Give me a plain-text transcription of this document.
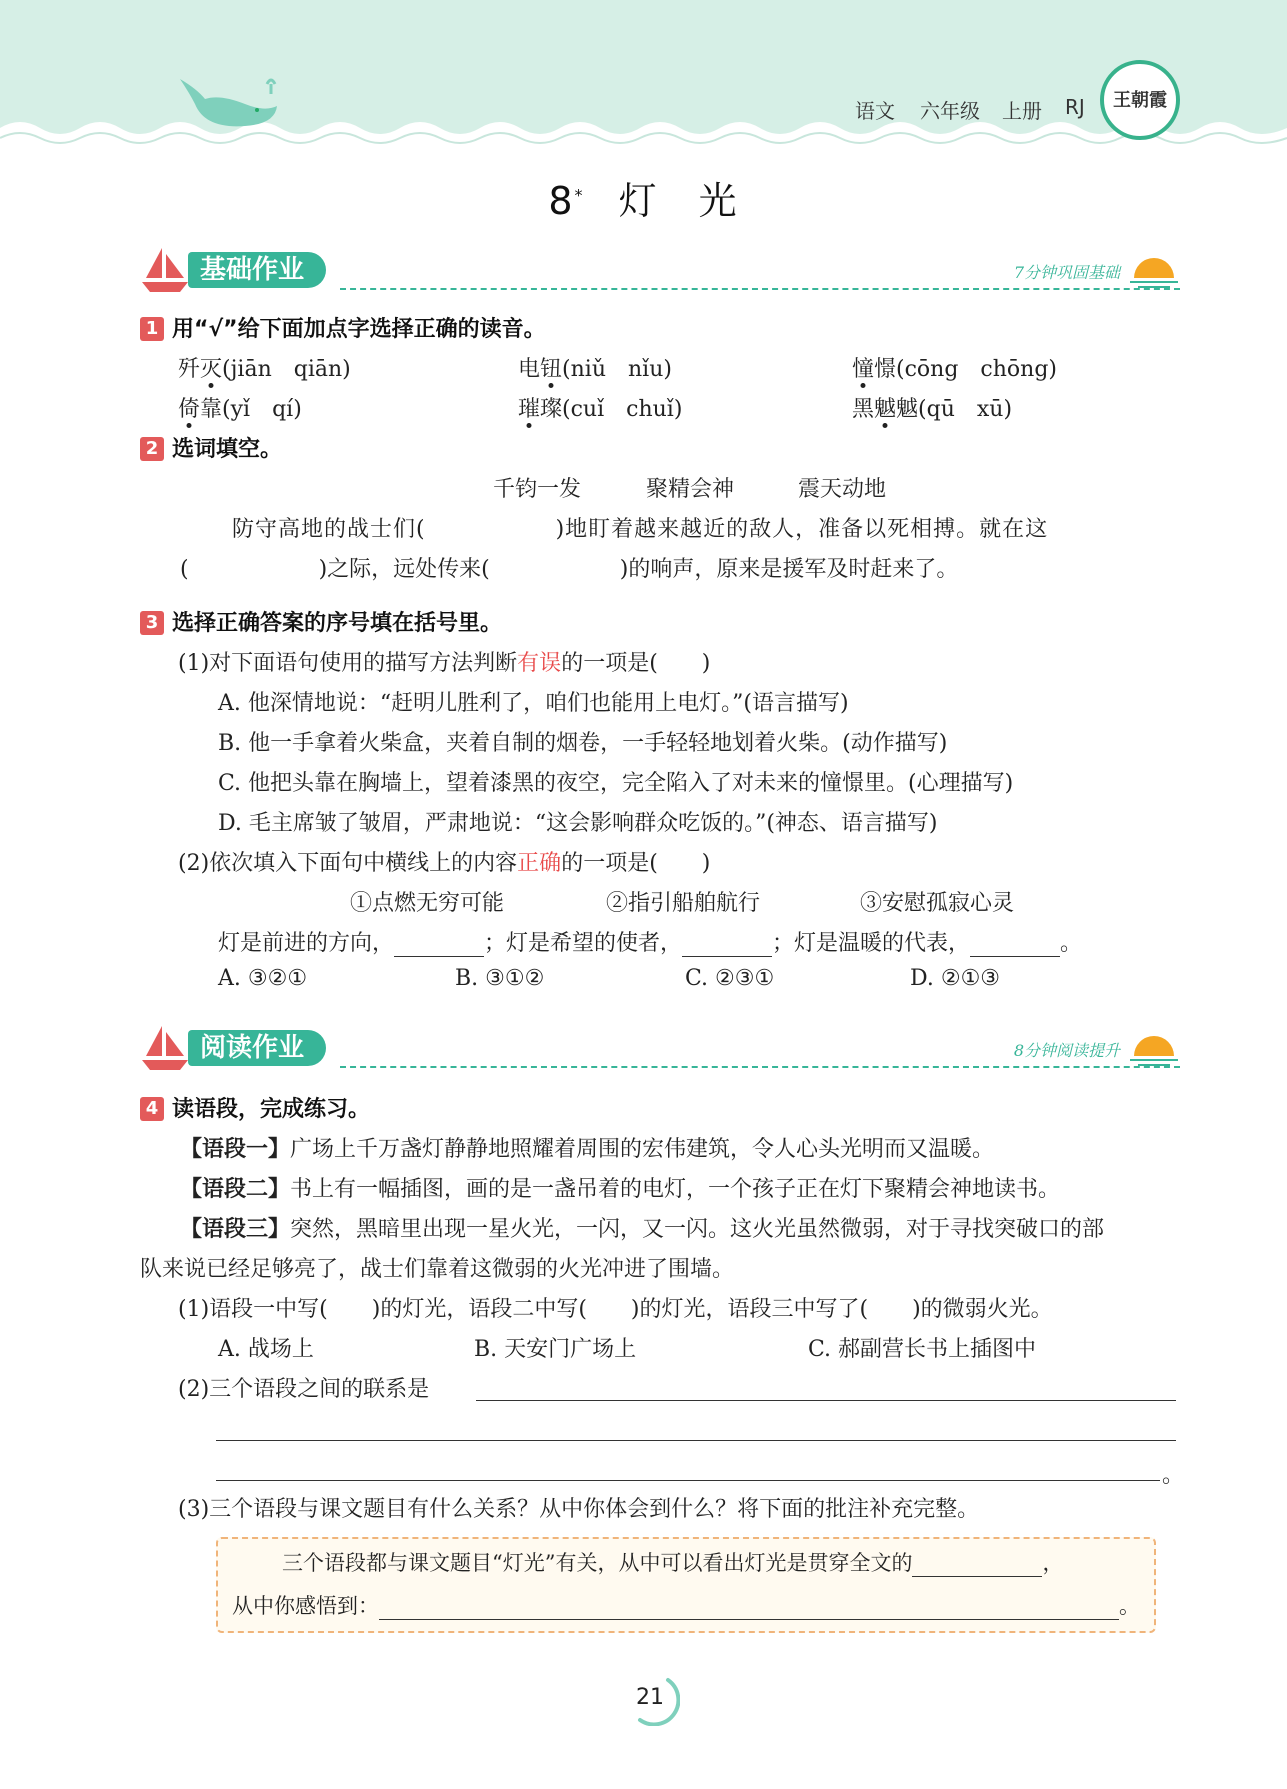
语文 六年级 上册 RJ	王朝霞
8* 灯　光
基础作业	7分钟巩固基础
1 用“√”给下面加点字选择正确的读音。
歼灭(jiān　qiān)	电钮(niǔ　nǐu)	憧憬(cōng　chōng)
倚靠(yǐ　qí)	璀璨(cuǐ　chuǐ)	黑魆魆(qū　xū)
2 选词填空。
千钧一发	聚精会神	震天动地
防守高地的战士们(	)地盯着越来越近的敌人，准备以死相搏。就在这
(	)之际，远处传来(	)的响声，原来是援军及时赶来了。
3 选择正确答案的序号填在括号里。
(1)对下面语句使用的描写方法判断有误的一项是(　　)
A. 他深情地说：“赶明儿胜利了，咱们也能用上电灯。”(语言描写)
B. 他一手拿着火柴盒，夹着自制的烟卷，一手轻轻地划着火柴。(动作描写)
C. 他把头靠在胸墙上，望着漆黑的夜空，完全陷入了对未来的憧憬里。(心理描写)
D. 毛主席皱了皱眉，严肃地说：“这会影响群众吃饭的。”(神态、语言描写)
(2)依次填入下面句中横线上的内容正确的一项是(　　)
①点燃无穷可能	②指引船舶航行	③安慰孤寂心灵
灯是前进的方向，	；灯是希望的使者，	；灯是温暖的代表，	。
A. ③②①	B. ③①②	C. ②③①	D. ②①③
阅读作业	8分钟阅读提升
4 读语段，完成练习。
【语段一】广场上千万盏灯静静地照耀着周围的宏伟建筑，令人心头光明而又温暖。
【语段二】书上有一幅插图，画的是一盏吊着的电灯，一个孩子正在灯下聚精会神地读书。
【语段三】突然，黑暗里出现一星火光，一闪，又一闪。这火光虽然微弱，对于寻找突破口的部
队来说已经足够亮了，战士们靠着这微弱的火光冲进了围墙。
(1)语段一中写(　　)的灯光，语段二中写(　　)的灯光，语段三中写了(　　)的微弱火光。
A. 战场上	B. 天安门广场上	C. 郝副营长书上插图中
(2)三个语段之间的联系是
。
(3)三个语段与课文题目有什么关系？从中你体会到什么？将下面的批注补充完整。
三个语段都与课文题目“灯光”有关，从中可以看出灯光是贯穿全文的	，
从中你感悟到：	。
21
